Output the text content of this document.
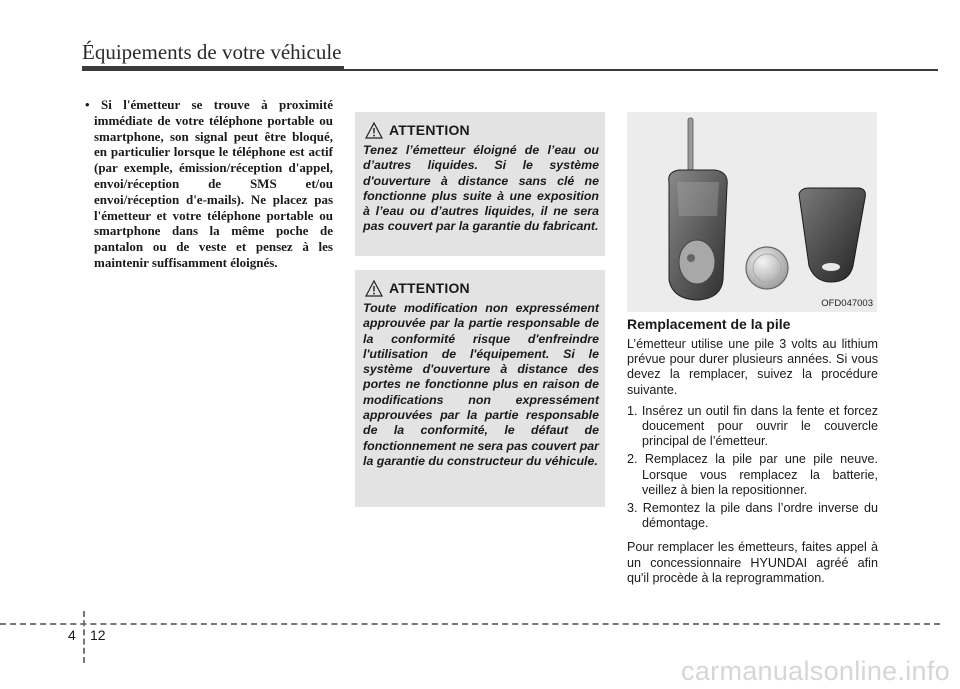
Équipements de votre véhicule
• Si l'émetteur se trouve à proximité immédiate de votre téléphone portable ou smartphone, son signal peut être bloqué, en particulier lorsque le téléphone est actif (par exemple, émission/réception d'appel, envoi/réception de SMS et/ou envoi/réception d'e-mails). Ne placez pas l'émetteur et votre téléphone portable ou smartphone dans la même poche de pantalon ou de veste et pensez à les maintenir suffisamment éloignés.
ATTENTION
Tenez l’émetteur éloigné de l’eau ou d’autres liquides. Si le système d'ouverture à distance sans clé ne fonctionne plus suite à une exposition à l’eau ou d’autres liquides, il ne sera pas couvert par la garantie du fabricant.
ATTENTION
Toute modification non expressément approuvée par la partie responsable de la conformité risque d'enfreindre l'utilisation de l'équipement. Si le système d'ouverture à distance des portes ne fonctionne plus en raison de modifications non expressément approuvées par la partie responsable de la conformité, le défaut de fonctionnement ne sera pas couvert par la garantie du constructeur du véhicule.
OFD047003
Remplacement de la pile

L’émetteur utilise une pile 3 volts au lithium prévue pour durer plusieurs années. Si vous devez la remplacer, suivez la procédure suivante.

1. Insérez un outil fin dans la fente et forcez doucement pour ouvrir le couvercle principal de l’émetteur.

2. Remplacez la pile par une pile neuve. Lorsque vous remplacez la batterie, veillez à bien la repositionner.

3. Remontez la pile dans l’ordre inverse du démontage.

Pour remplacer les émetteurs, faites appel à un concessionnaire HYUNDAI agréé afin qu'il procède à la reprogrammation.

4 12
carmanualsonline.info
